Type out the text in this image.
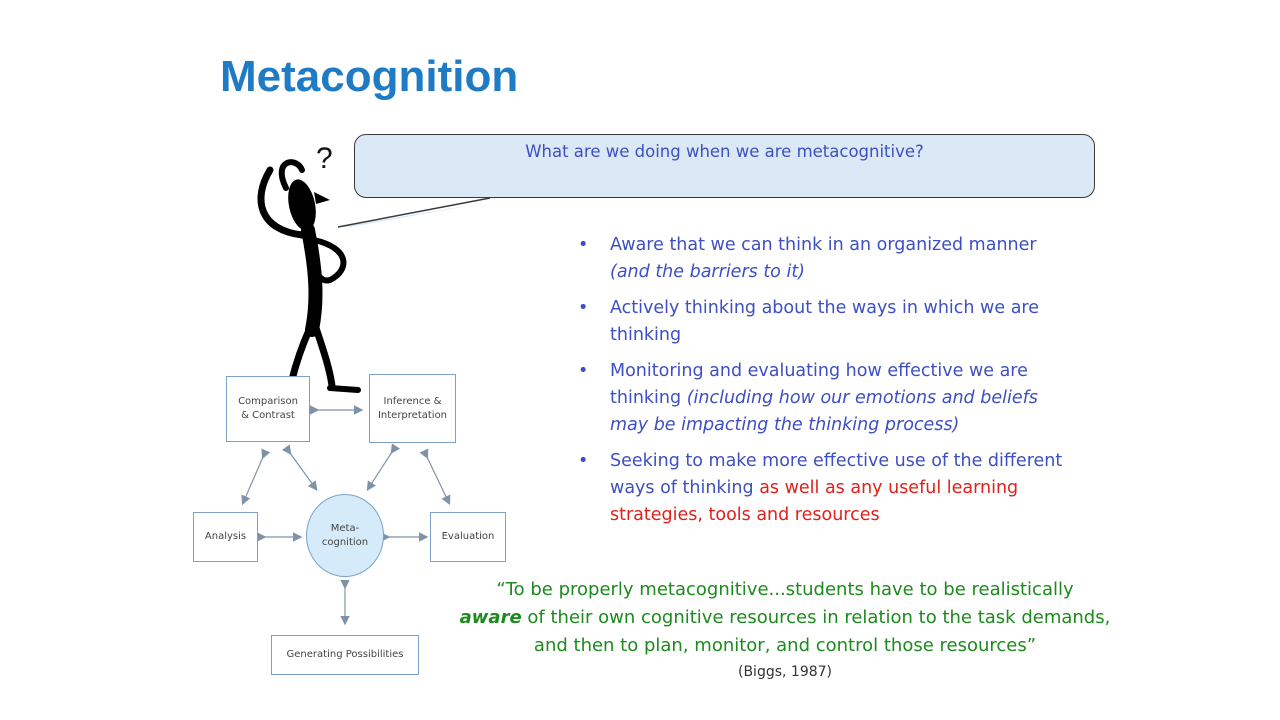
Metacognition
What are we doing when we are metacognitive?
?
• Aware that we can think in an organized manner (and the barriers to it)
• Actively thinking about the ways in which we are thinking
• Monitoring and evaluating how effective we are thinking (including how our emotions and beliefs may be impacting the thinking process)
• Seeking to make more effective use of the different ways of thinking as well as any useful learning strategies, tools and resources
Comparison
& Contrast
Inference &
Interpretation
Analysis	Evaluation
Meta-
cognition
Generating Possibilities
“To be properly metacognitive...students have to be realistically
aware of their own cognitive resources in relation to the task demands, and then to plan, monitor, and control those resources”
(Biggs, 1987)
